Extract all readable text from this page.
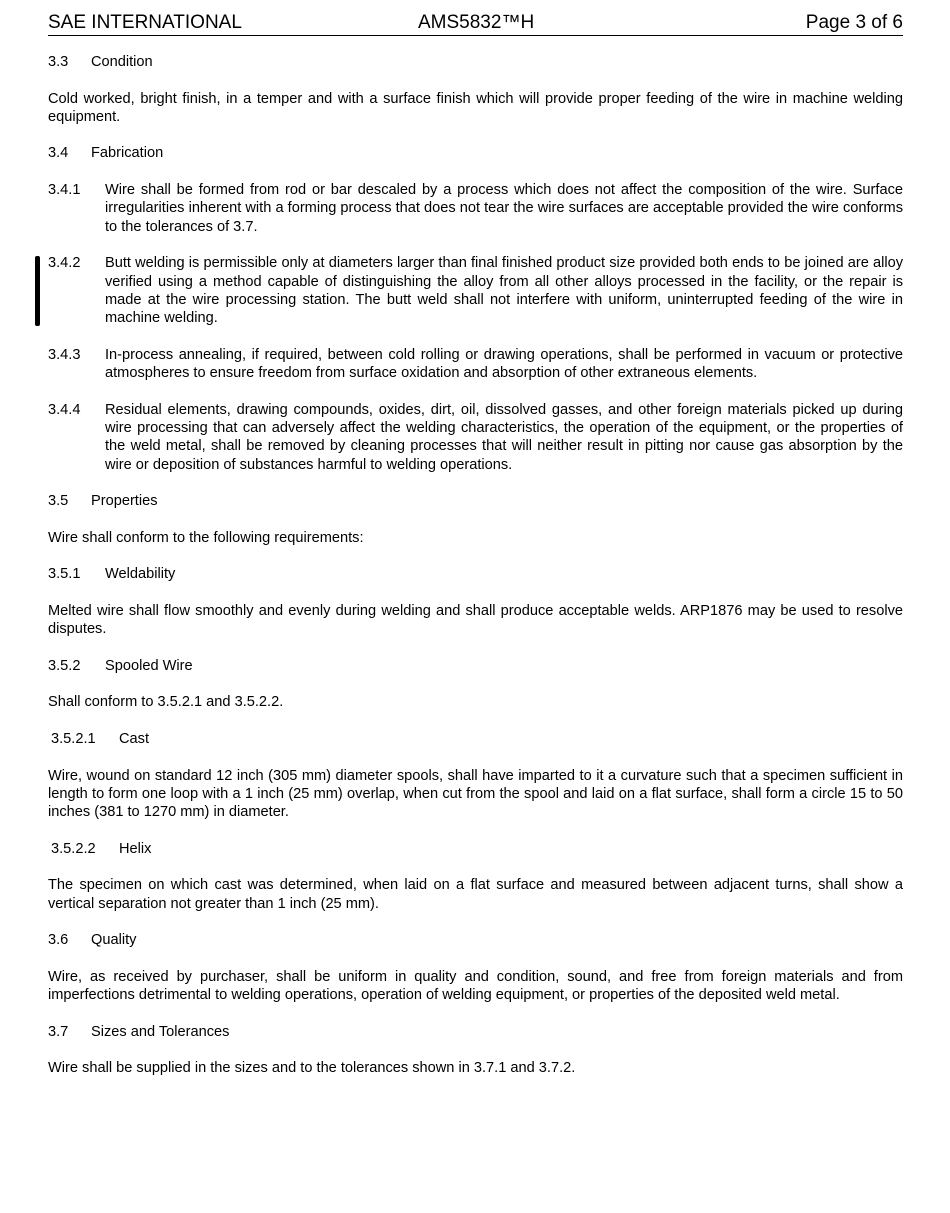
SAE INTERNATIONAL	AMS5832™H	Page 3 of 6
3.3	Condition

Cold worked, bright finish, in a temper and with a surface finish which will provide proper feeding of the wire in machine welding equipment.

3.4	Fabrication
3.4.1	Wire shall be formed from rod or bar descaled by a process which does not affect the composition of the wire. Surface irregularities inherent with a forming process that does not tear the wire surfaces are acceptable provided the wire conforms to the tolerances of 3.7.
3.4.2	Butt welding is permissible only at diameters larger than final finished product size provided both ends to be joined are alloy verified using a method capable of distinguishing the alloy from all other alloys processed in the facility, or the repair is made at the wire processing station. The butt weld shall not interfere with uniform, uninterrupted feeding of the wire in machine welding.
3.4.3	In-process annealing, if required, between cold rolling or drawing operations, shall be performed in vacuum or protective atmospheres to ensure freedom from surface oxidation and absorption of other extraneous elements.
3.4.4	Residual elements, drawing compounds, oxides, dirt, oil, dissolved gasses, and other foreign materials picked up during wire processing that can adversely affect the welding characteristics, the operation of the equipment, or the properties of the weld metal, shall be removed by cleaning processes that will neither result in pitting nor cause gas absorption by the wire or deposition of substances harmful to welding operations.
3.5	Properties

Wire shall conform to the following requirements:

3.5.1	Weldability

Melted wire shall flow smoothly and evenly during welding and shall produce acceptable welds. ARP1876 may be used to resolve disputes.

3.5.2	Spooled Wire

Shall conform to 3.5.2.1 and 3.5.2.2.

3.5.2.1	Cast

Wire, wound on standard 12 inch (305 mm) diameter spools, shall have imparted to it a curvature such that a specimen sufficient in length to form one loop with a 1 inch (25 mm) overlap, when cut from the spool and laid on a flat surface, shall form a circle 15 to 50 inches (381 to 1270 mm) in diameter.

3.5.2.2	Helix

The specimen on which cast was determined, when laid on a flat surface and measured between adjacent turns, shall show a vertical separation not greater than 1 inch (25 mm).

3.6	Quality

Wire, as received by purchaser, shall be uniform in quality and condition, sound, and free from foreign materials and from imperfections detrimental to welding operations, operation of welding equipment, or properties of the deposited weld metal.

3.7	Sizes and Tolerances

Wire shall be supplied in the sizes and to the tolerances shown in 3.7.1 and 3.7.2.
